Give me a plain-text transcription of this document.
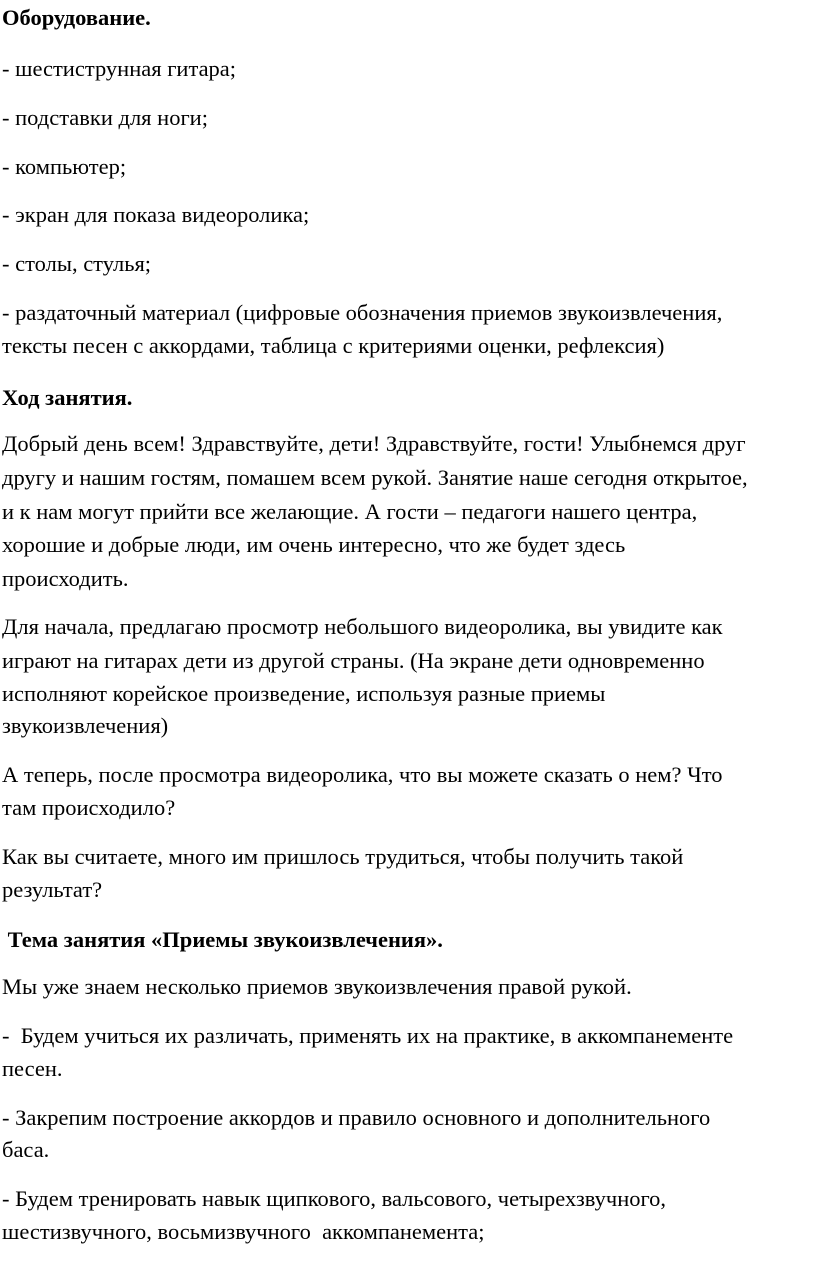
Оборудование.
- шестиструнная гитара;
- подставки для ноги;
- компьютер;
- экран для показа видеоролика;
- столы, стулья;
- раздаточный материал (цифровые обозначения приемов звукоизвлечения,
тексты песен с аккордами, таблица с критериями оценки, рефлексия)
Ход занятия.
Добрый день всем! Здравствуйте, дети! Здравствуйте, гости! Улыбнемся друг
другу и нашим гостям, помашем всем рукой. Занятие наше сегодня открытое,
и к нам могут прийти все желающие. А гости – педагоги нашего центра,
хорошие и добрые люди, им очень интересно, что же будет здесь
происходить.
Для начала, предлагаю просмотр небольшого видеоролика, вы увидите как
играют на гитарах дети из другой страны. (На экране дети одновременно
исполняют корейское произведение, используя разные приемы
звукоизвлечения)
А теперь, после просмотра видеоролика, что вы можете сказать о нем? Что
там происходило?
Как вы считаете, много им пришлось трудиться, чтобы получить такой
результат?
Тема занятия «Приемы звукоизвлечения».
Мы уже знаем несколько приемов звукоизвлечения правой рукой.
-  Будем учиться их различать, применять их на практике, в аккомпанементе
песен.
- Закрепим построение аккордов и правило основного и дополнительного
баса.
- Будем тренировать навык щипкового, вальсового, четырехзвучного,
шестизвучного, восьмизвучного  аккомпанемента;
